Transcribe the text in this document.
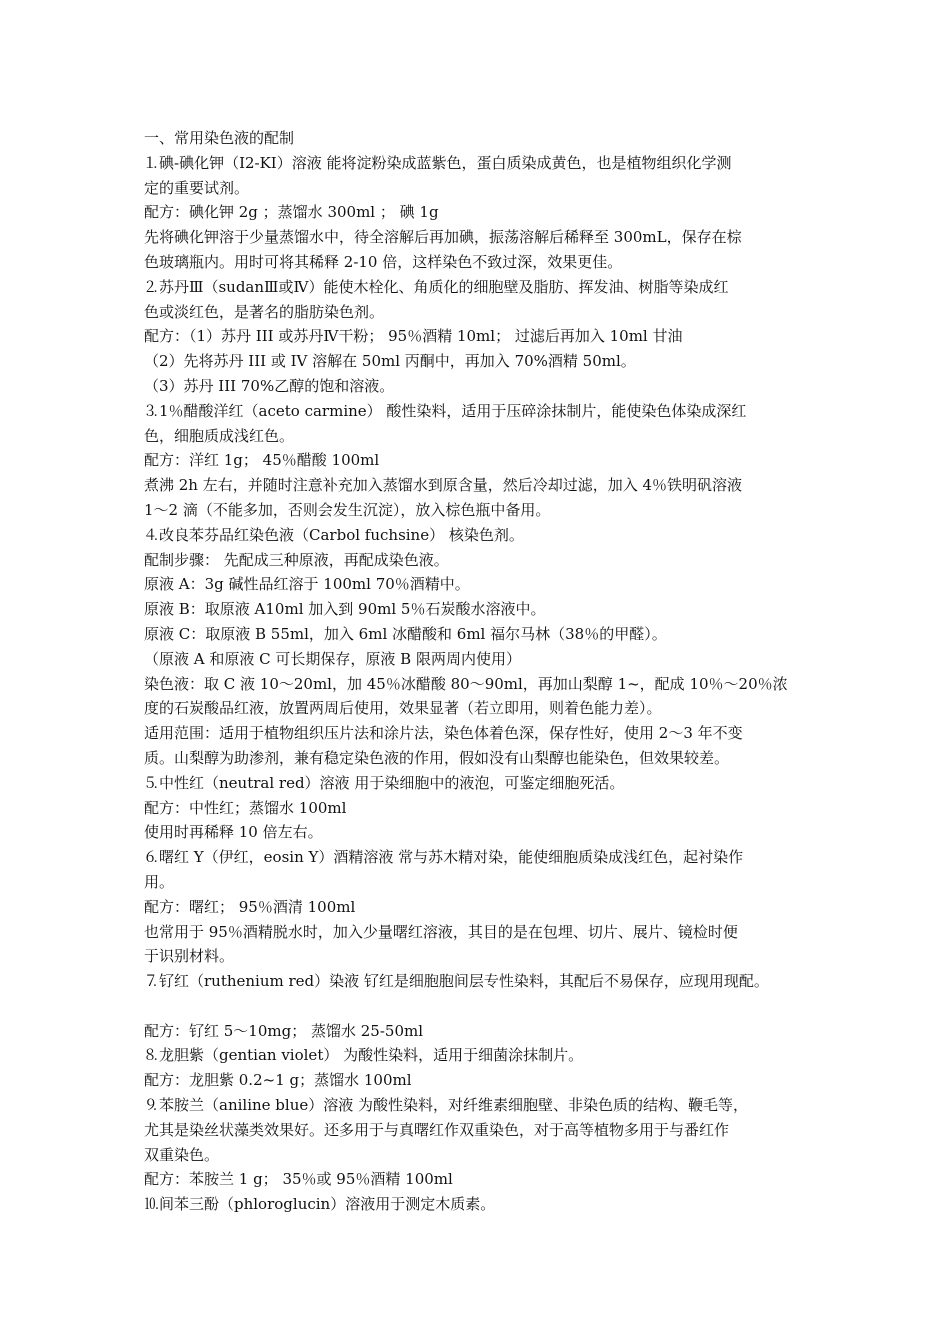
一、常用染色液的配制
⒈碘-碘化钾（I2-KI）溶液 能将淀粉染成蓝紫色，蛋白质染成黄色，也是植物组织化学测
定的重要试剂。
配方：碘化钾 2g ；蒸馏水 300ml ； 碘 1g
先将碘化钾溶于少量蒸馏水中，待全溶解后再加碘，振荡溶解后稀释至 300mL，保存在棕
色玻璃瓶内。用时可将其稀释 2-10 倍，这样染色不致过深，效果更佳。
⒉苏丹Ⅲ（sudanⅢ或Ⅳ）能使木栓化、角质化的细胞壁及脂肪、挥发油、树脂等染成红
色或淡红色，是著名的脂肪染色剂。
配方：（1）苏丹 III 或苏丹Ⅳ干粉； 95％酒精 10ml； 过滤后再加入 10ml 甘油
（2）先将苏丹 III 或 IV 溶解在 50ml 丙酮中，再加入 70%酒精 50ml。
（3）苏丹 III 70%乙醇的饱和溶液。
⒊1％醋酸洋红（aceto carmine） 酸性染料，适用于压碎涂抹制片，能使染色体染成深红
色，细胞质成浅红色。
配方：洋红 1g； 45％醋酸 100ml
煮沸 2h 左右，并随时注意补充加入蒸馏水到原含量，然后冷却过滤，加入 4％铁明矾溶液
1～2 滴（不能多加，否则会发生沉淀），放入棕色瓶中备用。
⒋改良苯芬品红染色液（Carbol fuchsine） 核染色剂。
配制步骤： 先配成三种原液，再配成染色液。
原液 A：3g 碱性品红溶于 100ml 70％酒精中。
原液 B：取原液 A10ml 加入到 90ml 5％石炭酸水溶液中。
原液 C：取原液 B 55ml，加入 6ml 冰醋酸和 6ml 福尔马林（38％的甲醛）。
（原液 A 和原液 C 可长期保存，原液 B 限两周内使用）
染色液：取 C 液 10～20ml，加 45％冰醋酸 80～90ml，再加山梨醇 1~，配成 10％～20％浓
度的石炭酸品红液，放置两周后使用，效果显著（若立即用，则着色能力差）。
适用范围：适用于植物组织压片法和涂片法，染色体着色深，保存性好，使用 2～3 年不变
质。山梨醇为助渗剂，兼有稳定染色液的作用，假如没有山梨醇也能染色，但效果较差。
⒌中性红（neutral red）溶液 用于染细胞中的液泡，可鉴定细胞死活。
配方：中性红；蒸馏水 100ml
使用时再稀释 10 倍左右。
⒍曙红 Y（伊红，eosin Y）酒精溶液 常与苏木精对染，能使细胞质染成浅红色，起衬染作
用。
配方：曙红； 95％酒清 100ml
也常用于 95％酒精脱水时，加入少量曙红溶液，其目的是在包埋、切片、展片、镜检时便
于识别材料。
⒎钌红（ruthenium red）染液 钌红是细胞胞间层专性染料，其配后不易保存，应现用现配。
配方：钌红 5～10mg； 蒸馏水 25-50ml
⒏龙胆紫（gentian violet） 为酸性染料，适用于细菌涂抹制片。
配方：龙胆紫 0.2~1 g；蒸馏水 100ml
⒐苯胺兰（aniline blue）溶液 为酸性染料，对纤维素细胞壁、非染色质的结构、鞭毛等，
尤其是染丝状藻类效果好。还多用于与真曙红作双重染色，对于高等植物多用于与番红作
双重染色。
配方：苯胺兰 1 g； 35％或 95％酒精 100ml
⒑间苯三酚（phloroglucin）溶液用于测定木质素。
